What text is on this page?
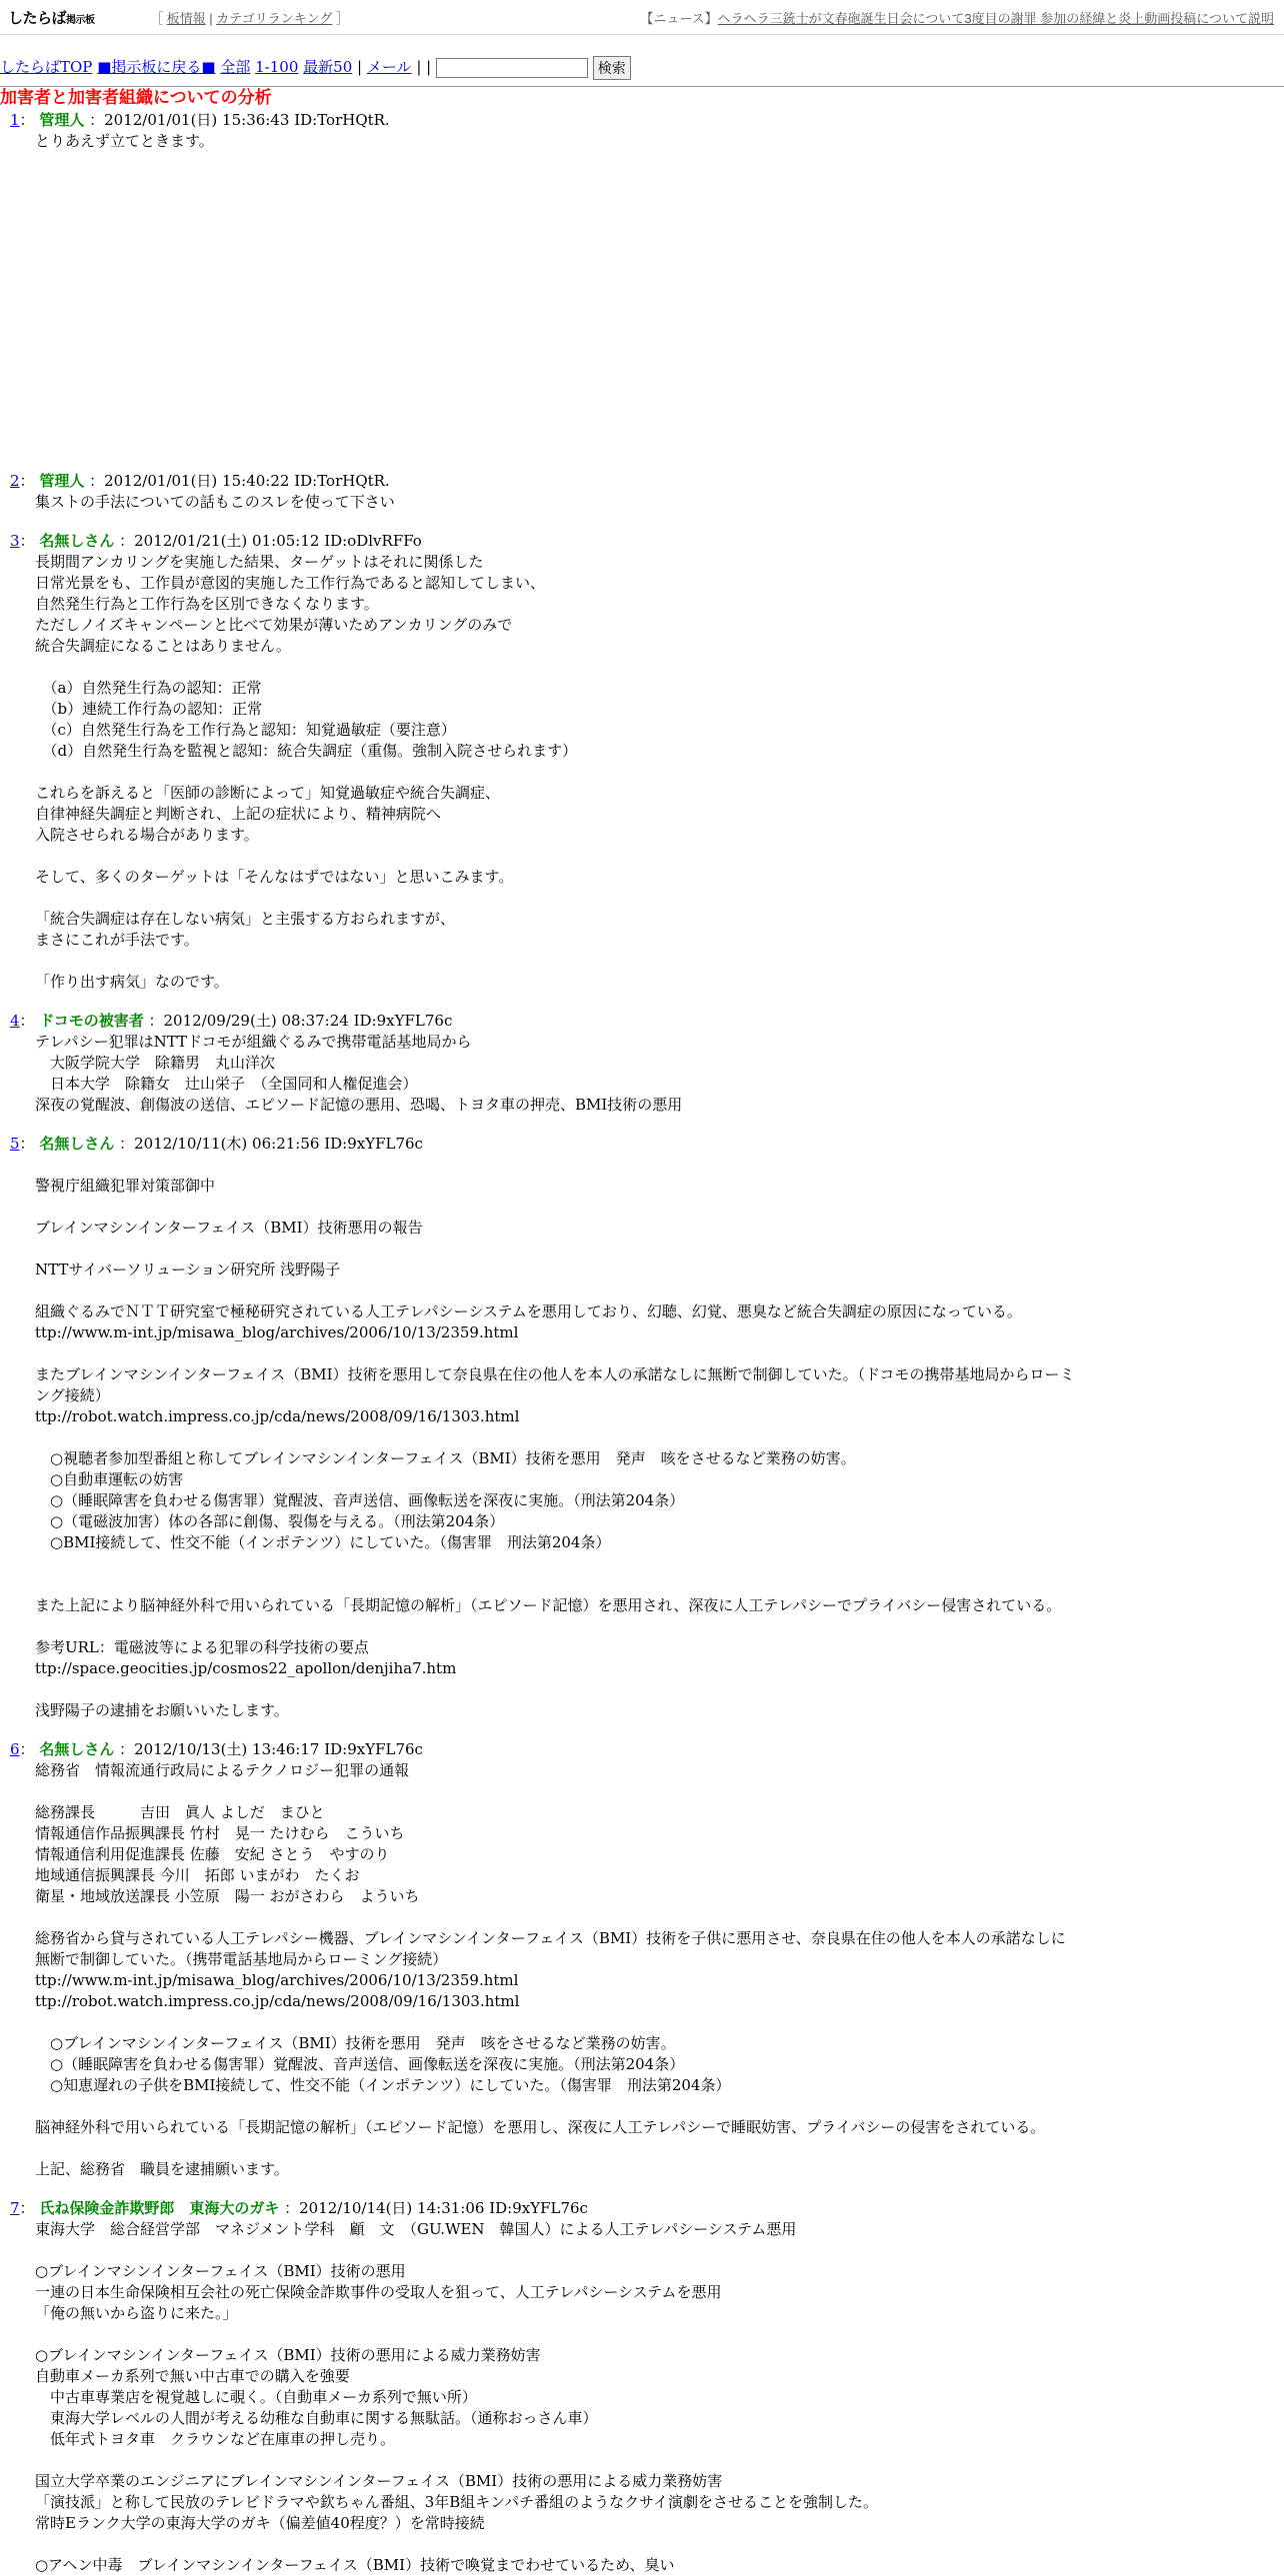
したらば掲示板	［ 板情報 | カテゴリランキング ］	【ニュース】ヘラヘラ三銃士が文春砲誕生日会について3度目の謝罪 参加の経緯と炎上動画投稿について説明
したらばTOP ■掲示板に戻る■ 全部 1-100 最新50 | メール | |	検索
加害者と加害者組織についての分析
1： 管理人 ：2012/01/01(日) 15:36:43 ID:TorHQtR.

とりあえず立てときます。

2： 管理人 ：2012/01/01(日) 15:40:22 ID:TorHQtR.

集ストの手法についての話もこのスレを使って下さい

3： 名無しさん ：2012/01/21(土) 01:05:12 ID:oDlvRFFo

長期間アンカリングを実施した結果、ターゲットはそれに関係した
日常光景をも、工作員が意図的実施した工作行為であると認知してしまい、
自然発生行為と工作行為を区別できなくなります。
ただしノイズキャンペーンと比べて効果が薄いためアンカリングのみで
統合失調症になることはありません。

　（a）自然発生行為の認知：正常
　（b）連続工作行為の認知：正常
　（c）自然発生行為を工作行為と認知：知覚過敏症（要注意）
　（d）自然発生行為を監視と認知：統合失調症（重傷。強制入院させられます）

これらを訴えると「医師の診断によって」知覚過敏症や統合失調症、
自律神経失調症と判断され、上記の症状により、精神病院へ
入院させられる場合があります。

そして、多くのターゲットは「そんなはずではない」と思いこみます。

「統合失調症は存在しない病気」と主張する方おられますが、
まさにこれが手法です。

「作り出す病気」なのです。

4： ドコモの被害者 ：2012/09/29(土) 08:37:24 ID:9xYFL76c

テレパシー犯罪はNTTドコモが組織ぐるみで携帯電話基地局から
　大阪学院大学　除籍男　丸山洋次
　日本大学　除籍女　辻山栄子　（全国同和人権促進会）
深夜の覚醒波、創傷波の送信、エピソード記憶の悪用、恐喝、トヨタ車の押売、BMI技術の悪用

5： 名無しさん ：2012/10/11(木) 06:21:56 ID:9xYFL76c

警視庁組織犯罪対策部御中

ブレインマシンインターフェイス（BMI）技術悪用の報告

NTTサイバーソリューション研究所 浅野陽子

組織ぐるみでＮＴＴ研究室で極秘研究されている人工テレパシーシステムを悪用しており、幻聴、幻覚、悪臭など統合失調症の原因になっている。
ttp://www.m-int.jp/misawa_blog/archives/2006/10/13/2359.html

またブレインマシンインターフェイス（BMI）技術を悪用して奈良県在住の他人を本人の承諾なしに無断で制御していた。（ドコモの携帯基地局からローミング接続）
ttp://robot.watch.impress.co.jp/cda/news/2008/09/16/1303.html

　○視聴者参加型番組と称してブレインマシンインターフェイス（BMI）技術を悪用　発声　咳をさせるなど業務の妨害。
　○自動車運転の妨害
　○（睡眠障害を負わせる傷害罪）覚醒波、音声送信、画像転送を深夜に実施。（刑法第204条）
　○（電磁波加害）体の各部に創傷、裂傷を与える。（刑法第204条）
　○BMI接続して、性交不能（インポテンツ）にしていた。（傷害罪　刑法第204条）

また上記により脳神経外科で用いられている「長期記憶の解析」（エピソード記憶）を悪用され、深夜に人工テレパシーでプライバシー侵害されている。

参考URL：電磁波等による犯罪の科学技術の要点
ttp://space.geocities.jp/cosmos22_apollon/denjiha7.htm

浅野陽子の逮捕をお願いいたします。

6： 名無しさん ：2012/10/13(土) 13:46:17 ID:9xYFL76c

総務省　情報流通行政局によるテクノロジー犯罪の通報

総務課長　　　吉田　眞人 よしだ　まひと
情報通信作品振興課長 竹村　晃一 たけむら　こういち
情報通信利用促進課長 佐藤　安紀 さとう　やすのり
地域通信振興課長 今川　拓郎 いまがわ　たくお
衛星・地域放送課長 小笠原　陽一 おがさわら　よういち

総務省から貸与されている人工テレパシー機器、ブレインマシンインターフェイス（BMI）技術を子供に悪用させ、奈良県在住の他人を本人の承諾なしに無断で制御していた。（携帯電話基地局からローミング接続）
ttp://www.m-int.jp/misawa_blog/archives/2006/10/13/2359.html
ttp://robot.watch.impress.co.jp/cda/news/2008/09/16/1303.html

　○ブレインマシンインターフェイス（BMI）技術を悪用　発声　咳をさせるなど業務の妨害。
　○（睡眠障害を負わせる傷害罪）覚醒波、音声送信、画像転送を深夜に実施。（刑法第204条）
　○知恵遅れの子供をBMI接続して、性交不能（インポテンツ）にしていた。（傷害罪　刑法第204条）

脳神経外科で用いられている「長期記憶の解析」（エピソード記憶）を悪用し、深夜に人工テレパシーで睡眠妨害、プライバシーの侵害をされている。

上記、総務省　職員を逮捕願います。

7： 氏ね保険金詐欺野郎　東海大のガキ ：2012/10/14(日) 14:31:06 ID:9xYFL76c

東海大学　総合経営学部　マネジメント学科　顧　文　（GU.WEN　韓国人）による人工テレパシーシステム悪用

○ブレインマシンインターフェイス（BMI）技術の悪用
一連の日本生命保険相互会社の死亡保険金詐欺事件の受取人を狙って、人工テレパシーシステムを悪用
「俺の無いから盗りに来た。」

○ブレインマシンインターフェイス（BMI）技術の悪用による威力業務妨害
自動車メーカ系列で無い中古車での購入を強要
　中古車専業店を視覚越しに覗く。（自動車メーカ系列で無い所）
　東海大学レベルの人間が考える幼稚な自動車に関する無駄話。（通称おっさん車）
　低年式トヨタ車　クラウンなど在庫車の押し売り。

国立大学卒業のエンジニアにブレインマシンインターフェイス（BMI）技術の悪用による威力業務妨害
「演技派」と称して民放のテレビドラマや欽ちゃん番組、3年B組キンパチ番組のようなクサイ演劇をさせることを強制した。
常時Eランク大学の東海大学のガキ（偏差値40程度？）を常時接続

○アヘン中毒　ブレインマシンインターフェイス（BMI）技術で喚覚までわせているため、臭い
